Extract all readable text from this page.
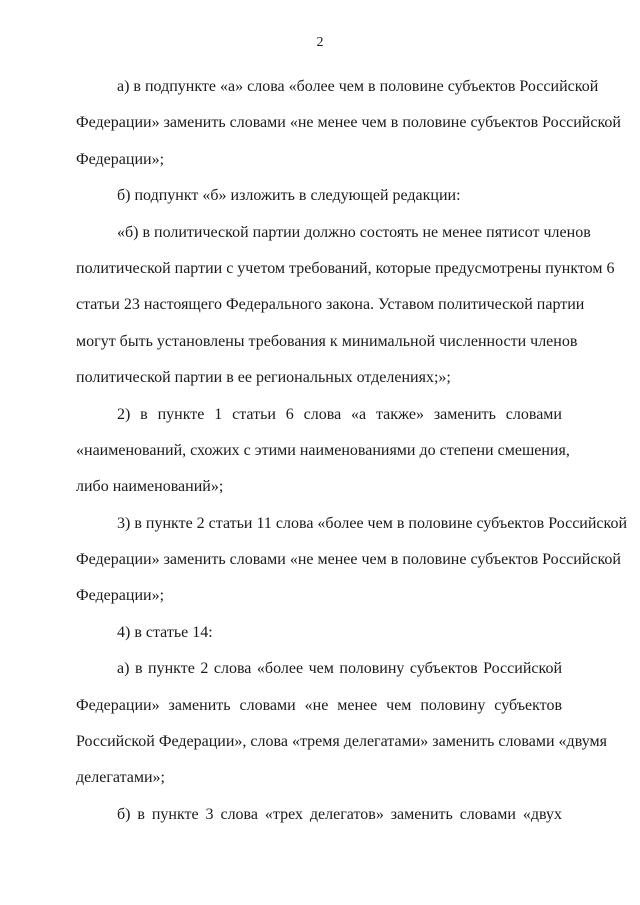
2
а) в подпункте «а» слова «более чем в половине субъектов Российской
Федерации» заменить словами «не менее чем в половине субъектов Российской
Федерации»;
б) подпункт «б» изложить в следующей редакции:
«б) в политической партии должно состоять не менее пятисот членов
политической партии с учетом требований, которые предусмотрены пунктом 6
статьи 23 настоящего Федерального закона. Уставом политической партии
могут быть установлены требования к минимальной численности членов
политической партии в ее региональных отделениях;»;
2) в пункте 1 статьи 6 слова «а также» заменить словами
«наименований, схожих с этими наименованиями до степени смешения,
либо наименований»;
3) в пункте 2 статьи 11 слова «более чем в половине субъектов Российской
Федерации» заменить словами «не менее чем в половине субъектов Российской
Федерации»;
4) в статье 14:
а) в пункте 2 слова «более чем половину субъектов Российской
Федерации» заменить словами «не менее чем половину субъектов
Российской Федерации», слова «тремя делегатами» заменить словами «двумя
делегатами»;
б) в пункте 3 слова «трех делегатов» заменить словами «двух
